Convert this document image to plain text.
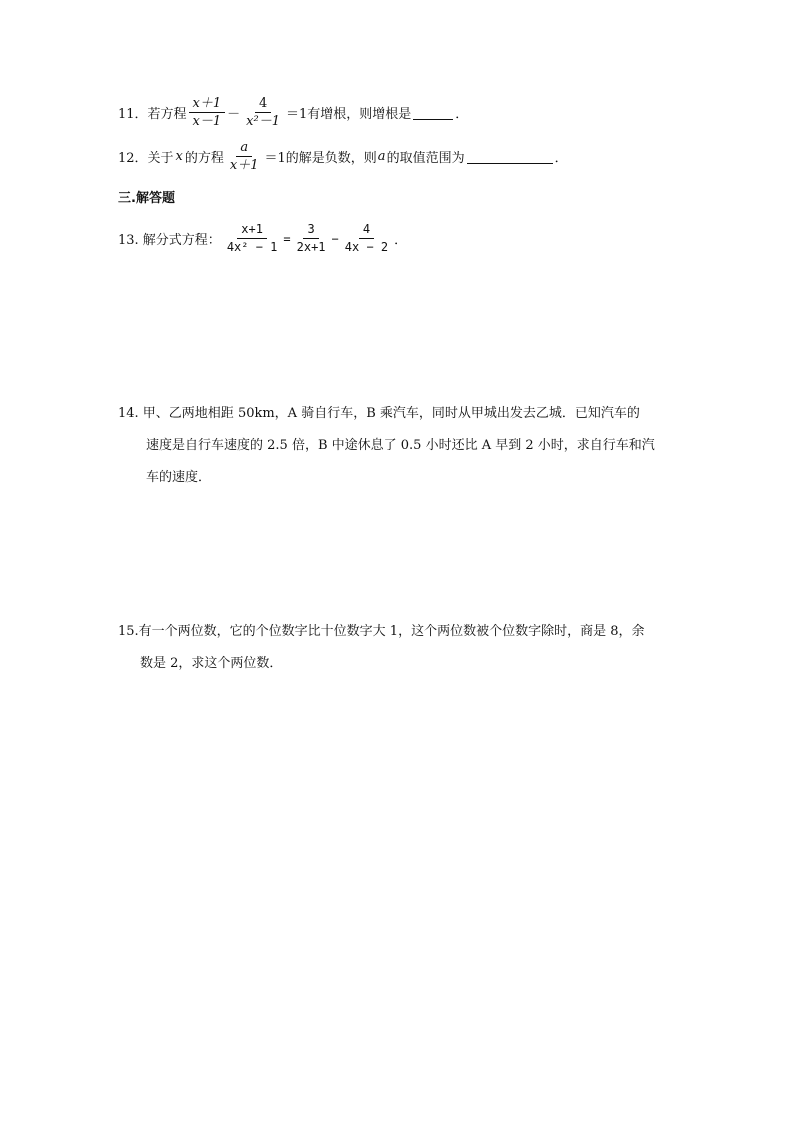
11．若方程 $\frac{x+1}{x-1} - \frac{4}{\text{x²－1}} =1$有增根，则增根是	．
12．关于 x 的方程 $\frac{a}{x+1} =1$的解是负数，则 a 的取值范围为	．
三.解答题
13. 解分式方程： $\frac{x+1}{\text{4x² − 1}} = \frac{3}{2x+1} - \frac{4}{4x - 2}$ ．
14. 甲、乙两地相距 50km，A 骑自行车，B 乘汽车，同时从甲城出发去乙城．已知汽车的
速度是自行车速度的 2.5 倍，B 中途休息了 0.5 小时还比 A 早到 2 小时，求自行车和汽
车的速度．
15.有一个两位数，它的个位数字比十位数字大 1，这个两位数被个位数字除时，商是 8，余
数是 2，求这个两位数．
